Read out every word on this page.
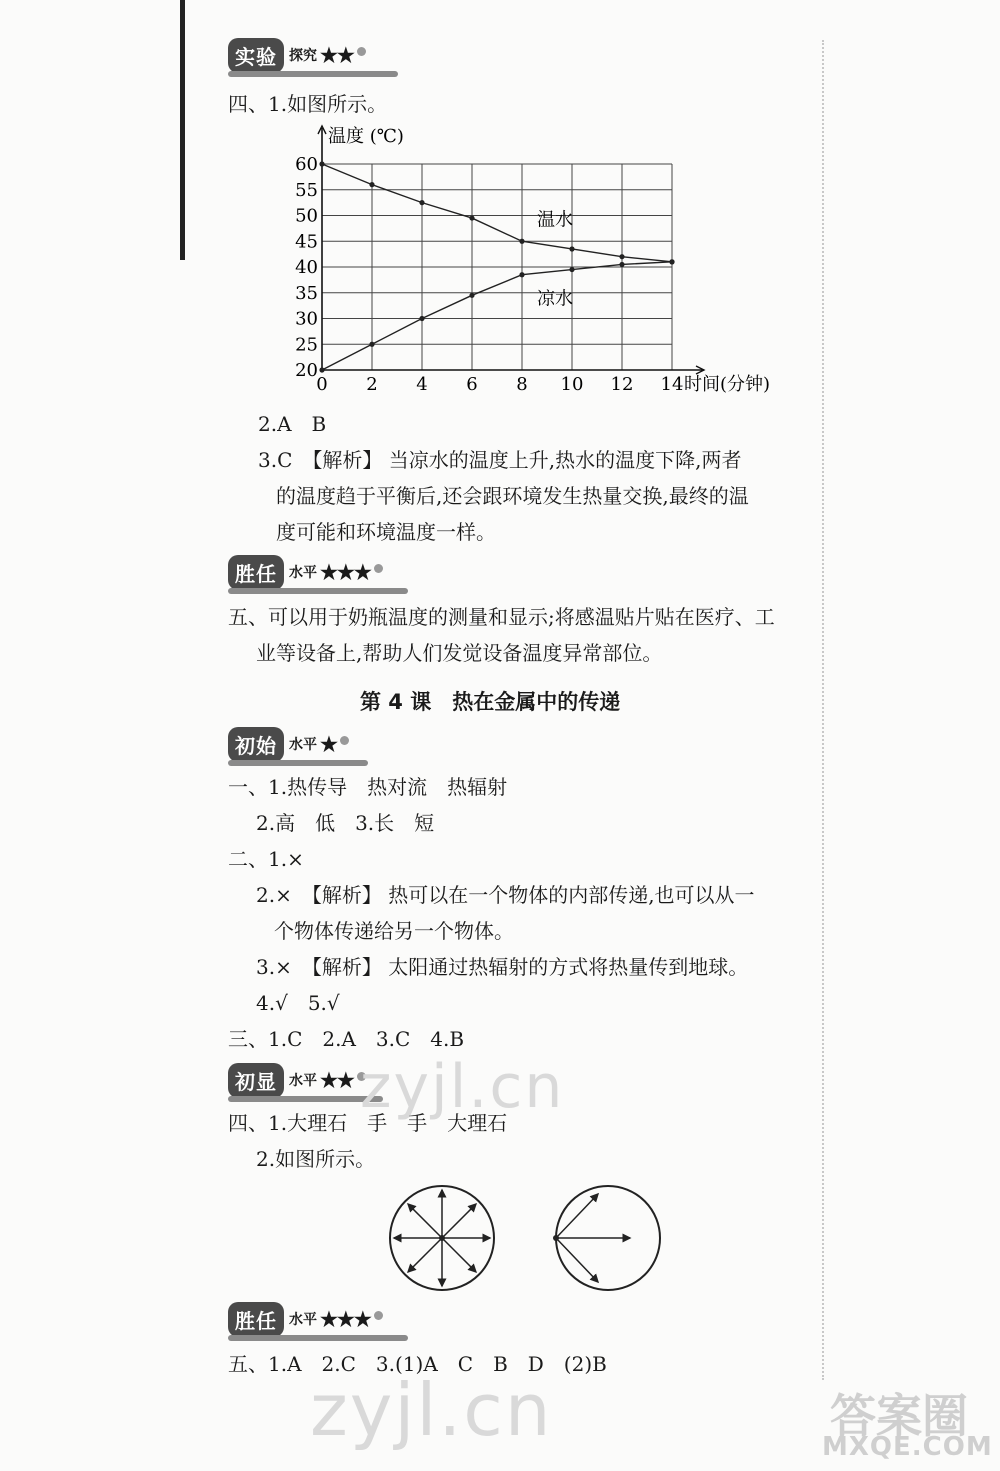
实验 探究 ★★
四、1.如图所示。
0 2 4 6 8 10 12 14
20
25
30
35
40
45
50
55
60
温水
凉水
温度 (℃)
时间(分钟)
2.A　B
3.C　【解析】 当凉水的温度上升,热水的温度下降,两者
的温度趋于平衡后,还会跟环境发生热量交换,最终的温
度可能和环境温度一样。
胜任 水平 ★★★
五、可以用于奶瓶温度的测量和显示;将感温贴片贴在医疗、工
业等设备上,帮助人们发觉设备温度异常部位。
第 4 课　热在金属中的传递
初始 水平 ★
一、1.热传导　热对流　热辐射
2.高　低　3.长　短
二、1.×
2.×　【解析】 热可以在一个物体的内部传递,也可以从一
个物体传递给另一个物体。
3.×　【解析】 太阳通过热辐射的方式将热量传到地球。
4.√　5.√
三、1.C　2.A　3.C　4.B
初显 水平 ★★ zyjl.cn
四、1.大理石　手　手　大理石
2.如图所示。
胜任 水平 ★★★
五、1.A　2.C　3.(1)A　C　B　D　(2)B
zyjl.cn	答案圈
MXQE.COM
